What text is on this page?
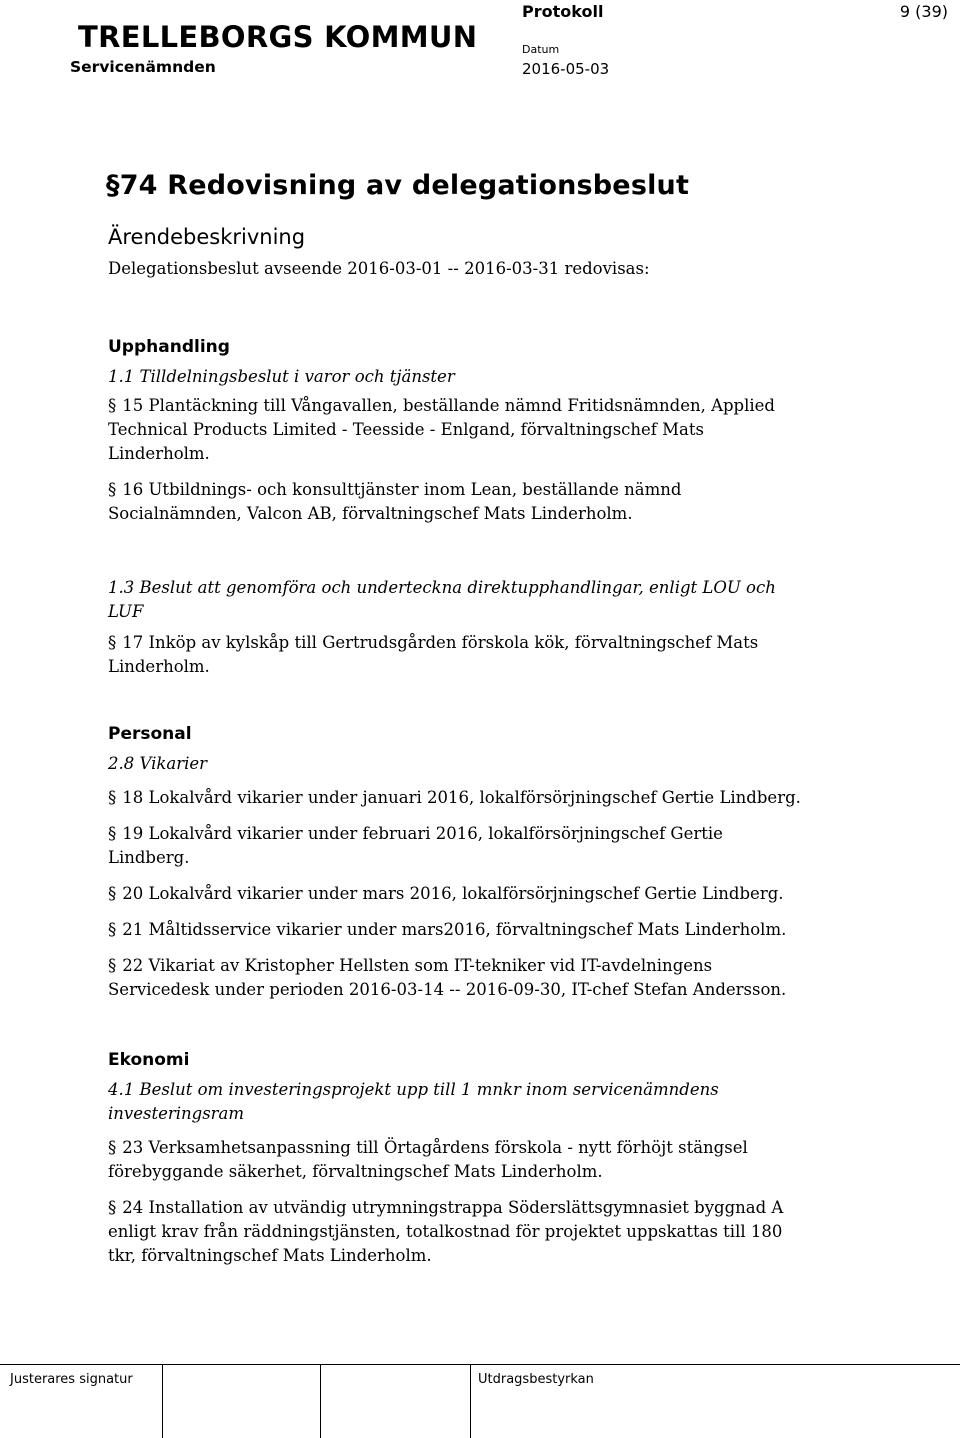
TRELLEBORGS KOMMUN
Servicenämnden
Protokoll	9 (39)
Datum
2016-05-03
§74 Redovisning av delegationsbeslut
Ärendebeskrivning

Delegationsbeslut avseende 2016-03-01 -- 2016-03-31 redovisas:

Upphandling
1.1 Tilldelningsbeslut i varor och tjänster

§ 15 Plantäckning till Vångavallen, beställande nämnd Fritidsnämnden, Applied Technical Products Limited - Teesside - Enlgand, förvaltningschef Mats Linderholm.

§ 16 Utbildnings- och konsulttjänster inom Lean, beställande nämnd Socialnämnden, Valcon AB, förvaltningschef Mats Linderholm.

1.3 Beslut att genomföra och underteckna direktupphandlingar, enligt LOU och LUF

§ 17 Inköp av kylskåp till Gertrudsgården förskola kök, förvaltningschef Mats Linderholm.

Personal
2.8 Vikarier

§ 18 Lokalvård vikarier under januari 2016, lokalförsörjningschef Gertie Lindberg.

§ 19 Lokalvård vikarier under februari 2016, lokalförsörjningschef Gertie Lindberg.

§ 20 Lokalvård vikarier under mars 2016, lokalförsörjningschef Gertie Lindberg.

§ 21 Måltidsservice vikarier under mars2016, förvaltningschef Mats Linderholm.

§ 22 Vikariat av Kristopher Hellsten som IT-tekniker vid IT-avdelningens Servicedesk under perioden 2016-03-14 -- 2016-09-30, IT-chef Stefan Andersson.

Ekonomi
4.1 Beslut om investeringsprojekt upp till 1 mnkr inom servicenämndens investeringsram

§ 23 Verksamhetsanpassning till Örtagårdens förskola - nytt förhöjt stängsel förebyggande säkerhet, förvaltningschef Mats Linderholm.

§ 24 Installation av utvändig utrymningstrappa Söderslättsgymnasiet byggnad A enligt krav från räddningstjänsten, totalkostnad för projektet uppskattas till 180 tkr, förvaltningschef Mats Linderholm.

Justerares signatur	Utdragsbestyrkan
